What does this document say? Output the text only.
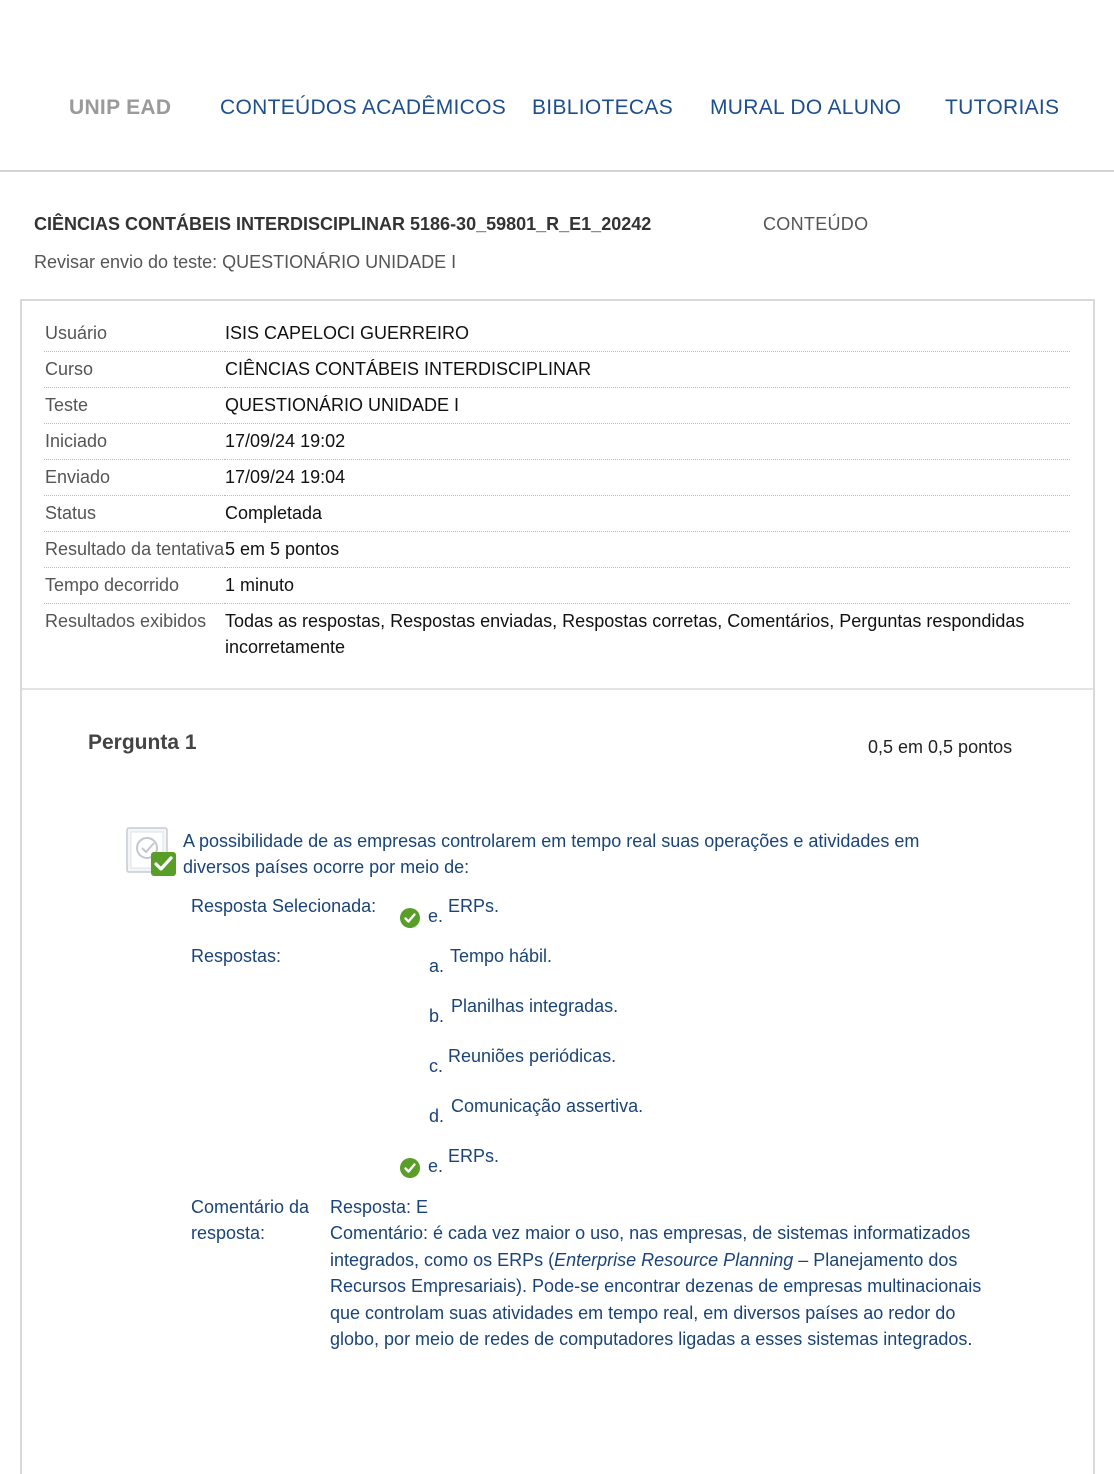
UNIP EAD CONTEÚDOS ACADÊMICOS BIBLIOTECAS MURAL DO ALUNO TUTORIAIS
CIÊNCIAS CONTÁBEIS INTERDISCIPLINAR 5186-30_59801_R_E1_20242	CONTEÚDO
Revisar envio do teste: QUESTIONÁRIO UNIDADE I
Usuário	ISIS CAPELOCI GUERREIRO
Curso	CIÊNCIAS CONTÁBEIS INTERDISCIPLINAR
Teste	QUESTIONÁRIO UNIDADE I
Iniciado	17/09/24 19:02
Enviado	17/09/24 19:04
Status	Completada
Resultado da tentativa	5 em 5 pontos
Tempo decorrido	1 minuto
Resultados exibidos	Todas as respostas, Respostas enviadas, Respostas corretas, Comentários, Perguntas respondidas incorretamente
Pergunta 1	0,5 em 0,5 pontos
A possibilidade de as empresas controlarem em tempo real suas operações e atividades em diversos países ocorre por meio de:
Resposta Selecionada:	e. ERPs.
Respostas:	a. Tempo hábil.
b. Planilhas integradas.
c. Reuniões periódicas.
d. Comunicação assertiva.
e. ERPs.
Comentário da resposta:
Resposta: E
Comentário: é cada vez maior o uso, nas empresas, de sistemas informatizados integrados, como os ERPs (Enterprise Resource Planning – Planejamento dos Recursos Empresariais). Pode-se encontrar dezenas de empresas multinacionais que controlam suas atividades em tempo real, em diversos países ao redor do globo, por meio de redes de computadores ligadas a esses sistemas integrados.
